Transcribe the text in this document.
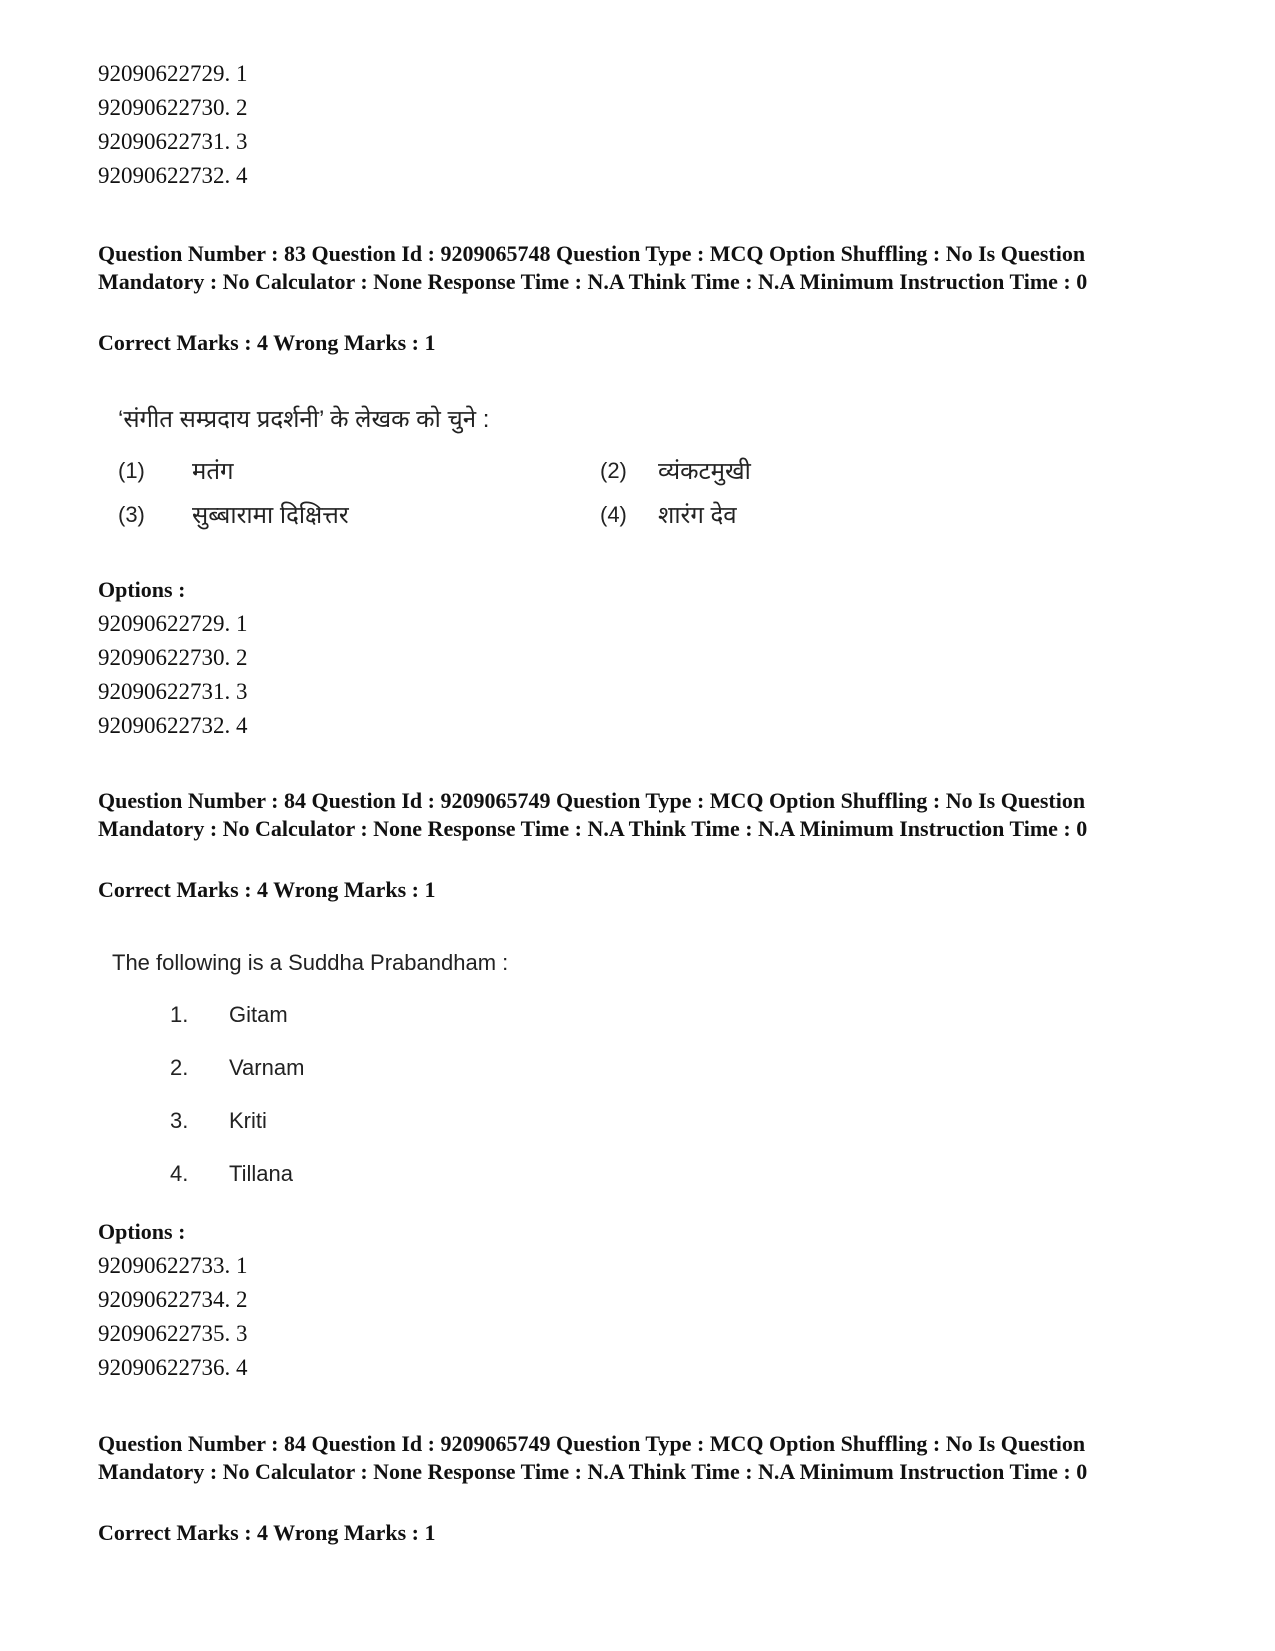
92090622729. 1
92090622730. 2
92090622731. 3
92090622732. 4
Question Number : 83 Question Id : 9209065748 Question Type : MCQ Option Shuffling : No Is Question Mandatory : No Calculator : None Response Time : N.A Think Time : N.A Minimum Instruction Time : 0
Correct Marks : 4 Wrong Marks : 1
‘संगीत सम्प्रदाय प्रदर्शनी’ के लेखक को चुने :
(1) मतंग	(2) व्यंकटमुखी
(3) सुब्बारामा दिक्षित्तर	(4) शारंग देव
Options :
92090622729. 1
92090622730. 2
92090622731. 3
92090622732. 4
Question Number : 84 Question Id : 9209065749 Question Type : MCQ Option Shuffling : No Is Question Mandatory : No Calculator : None Response Time : N.A Think Time : N.A Minimum Instruction Time : 0
Correct Marks : 4 Wrong Marks : 1
The following is a Suddha Prabandham :
1. Gitam
2. Varnam
3. Kriti
4. Tillana
Options :
92090622733. 1
92090622734. 2
92090622735. 3
92090622736. 4
Question Number : 84 Question Id : 9209065749 Question Type : MCQ Option Shuffling : No Is Question Mandatory : No Calculator : None Response Time : N.A Think Time : N.A Minimum Instruction Time : 0
Correct Marks : 4 Wrong Marks : 1
